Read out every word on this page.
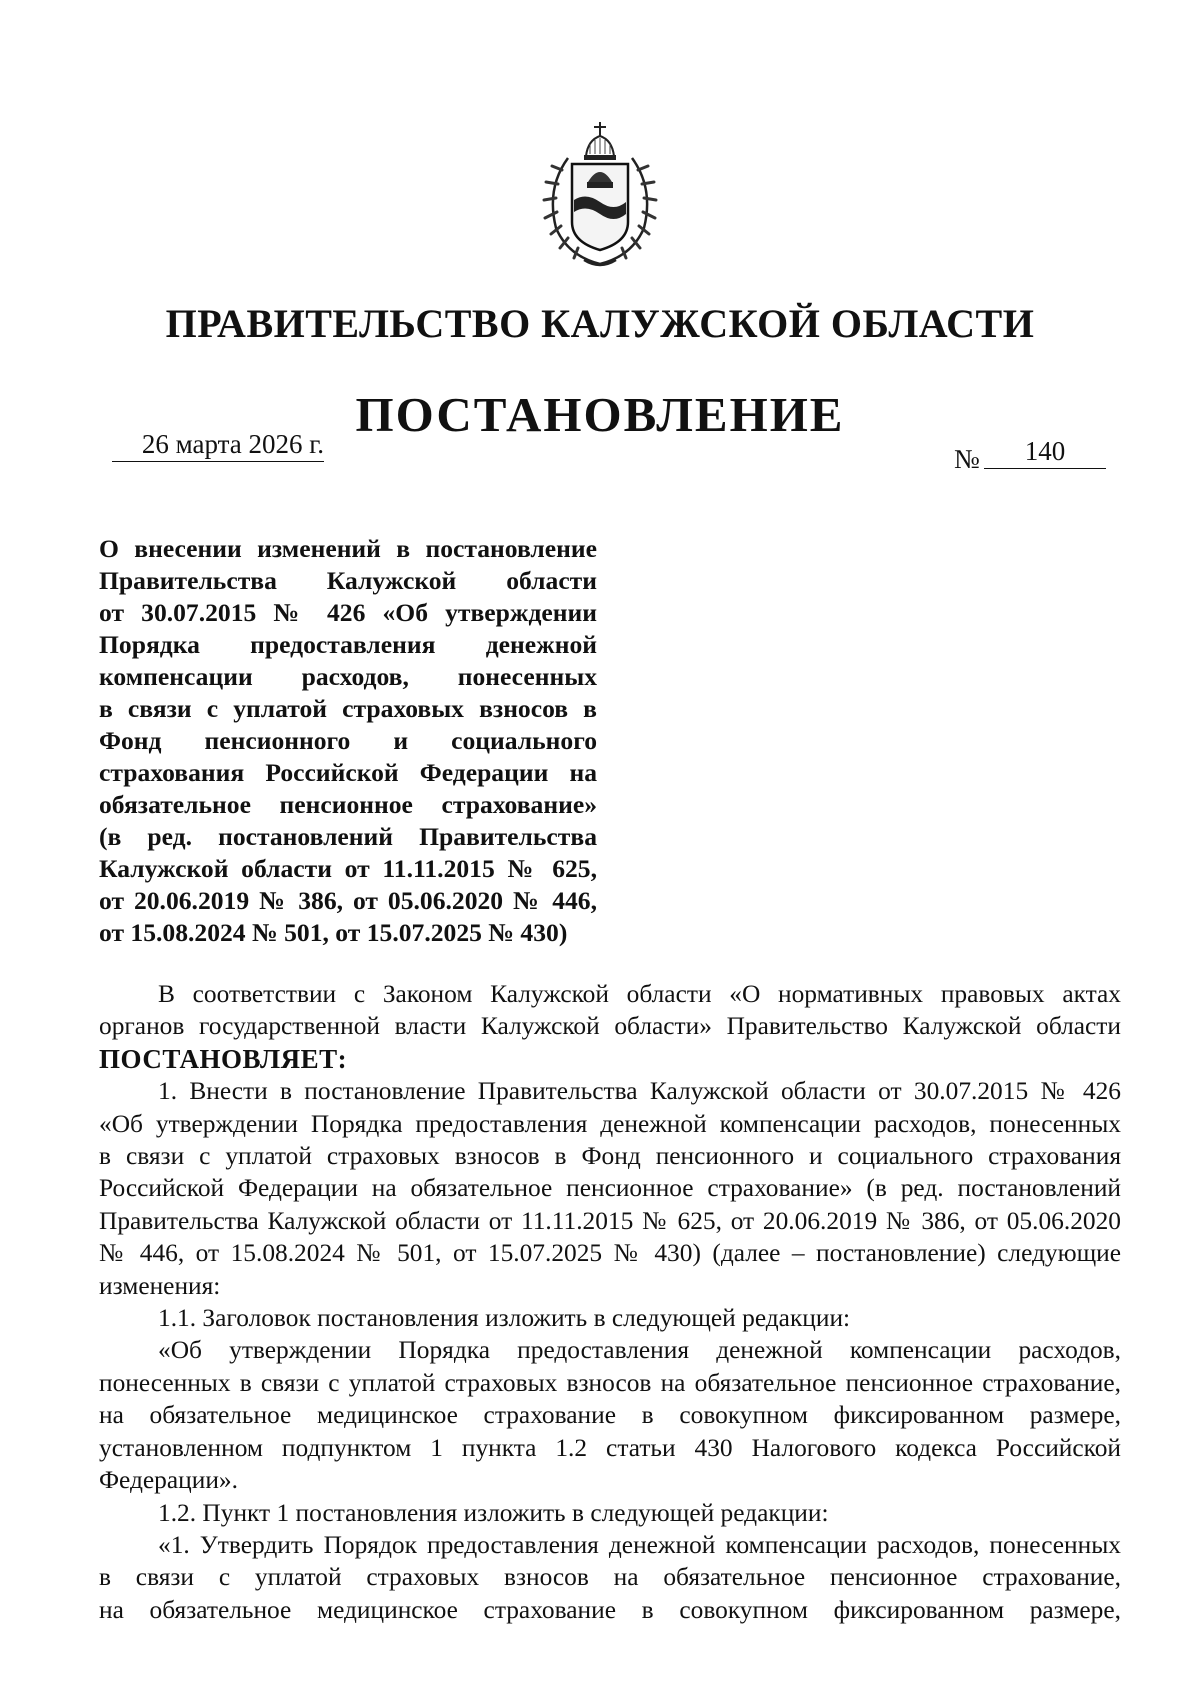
ПРАВИТЕЛЬСТВО КАЛУЖСКОЙ ОБЛАСТИ
ПОСТАНОВЛЕНИЕ
26 марта 2026 г.	№	140
О внесении изменений в постановление
Правительства Калужской области
от 30.07.2015 № 426 «Об утверждении
Порядка предоставления денежной
компенсации расходов, понесенных
в связи с уплатой страховых взносов в
Фонд пенсионного и социального
страхования Российской Федерации на
обязательное пенсионное страхование»
(в ред. постановлений Правительства
Калужской области от 11.11.2015 № 625,
от 20.06.2019 № 386, от 05.06.2020 № 446,
от 15.08.2024 № 501, от 15.07.2025 № 430)
В соответствии с Законом Калужской области «О нормативных правовых актах
органов государственной власти Калужской области» Правительство Калужской области
ПОСТАНОВЛЯЕТ:
1. Внести в постановление Правительства Калужской области от 30.07.2015 № 426
«Об утверждении Порядка предоставления денежной компенсации расходов, понесенных
в связи с уплатой страховых взносов в Фонд пенсионного и социального страхования
Российской Федерации на обязательное пенсионное страхование» (в ред. постановлений
Правительства Калужской области от 11.11.2015 № 625, от 20.06.2019 № 386, от 05.06.2020
№ 446, от 15.08.2024 № 501, от 15.07.2025 № 430) (далее – постановление) следующие
изменения:
1.1. Заголовок постановления изложить в следующей редакции:
«Об утверждении Порядка предоставления денежной компенсации расходов,
понесенных в связи с уплатой страховых взносов на обязательное пенсионное страхование,
на обязательное медицинское страхование в совокупном фиксированном размере,
установленном подпунктом 1 пункта 1.2 статьи 430 Налогового кодекса Российской
Федерации».
1.2. Пункт 1 постановления изложить в следующей редакции:
«1. Утвердить Порядок предоставления денежной компенсации расходов, понесенных
в связи с уплатой страховых взносов на обязательное пенсионное страхование,
на обязательное медицинское страхование в совокупном фиксированном размере,
